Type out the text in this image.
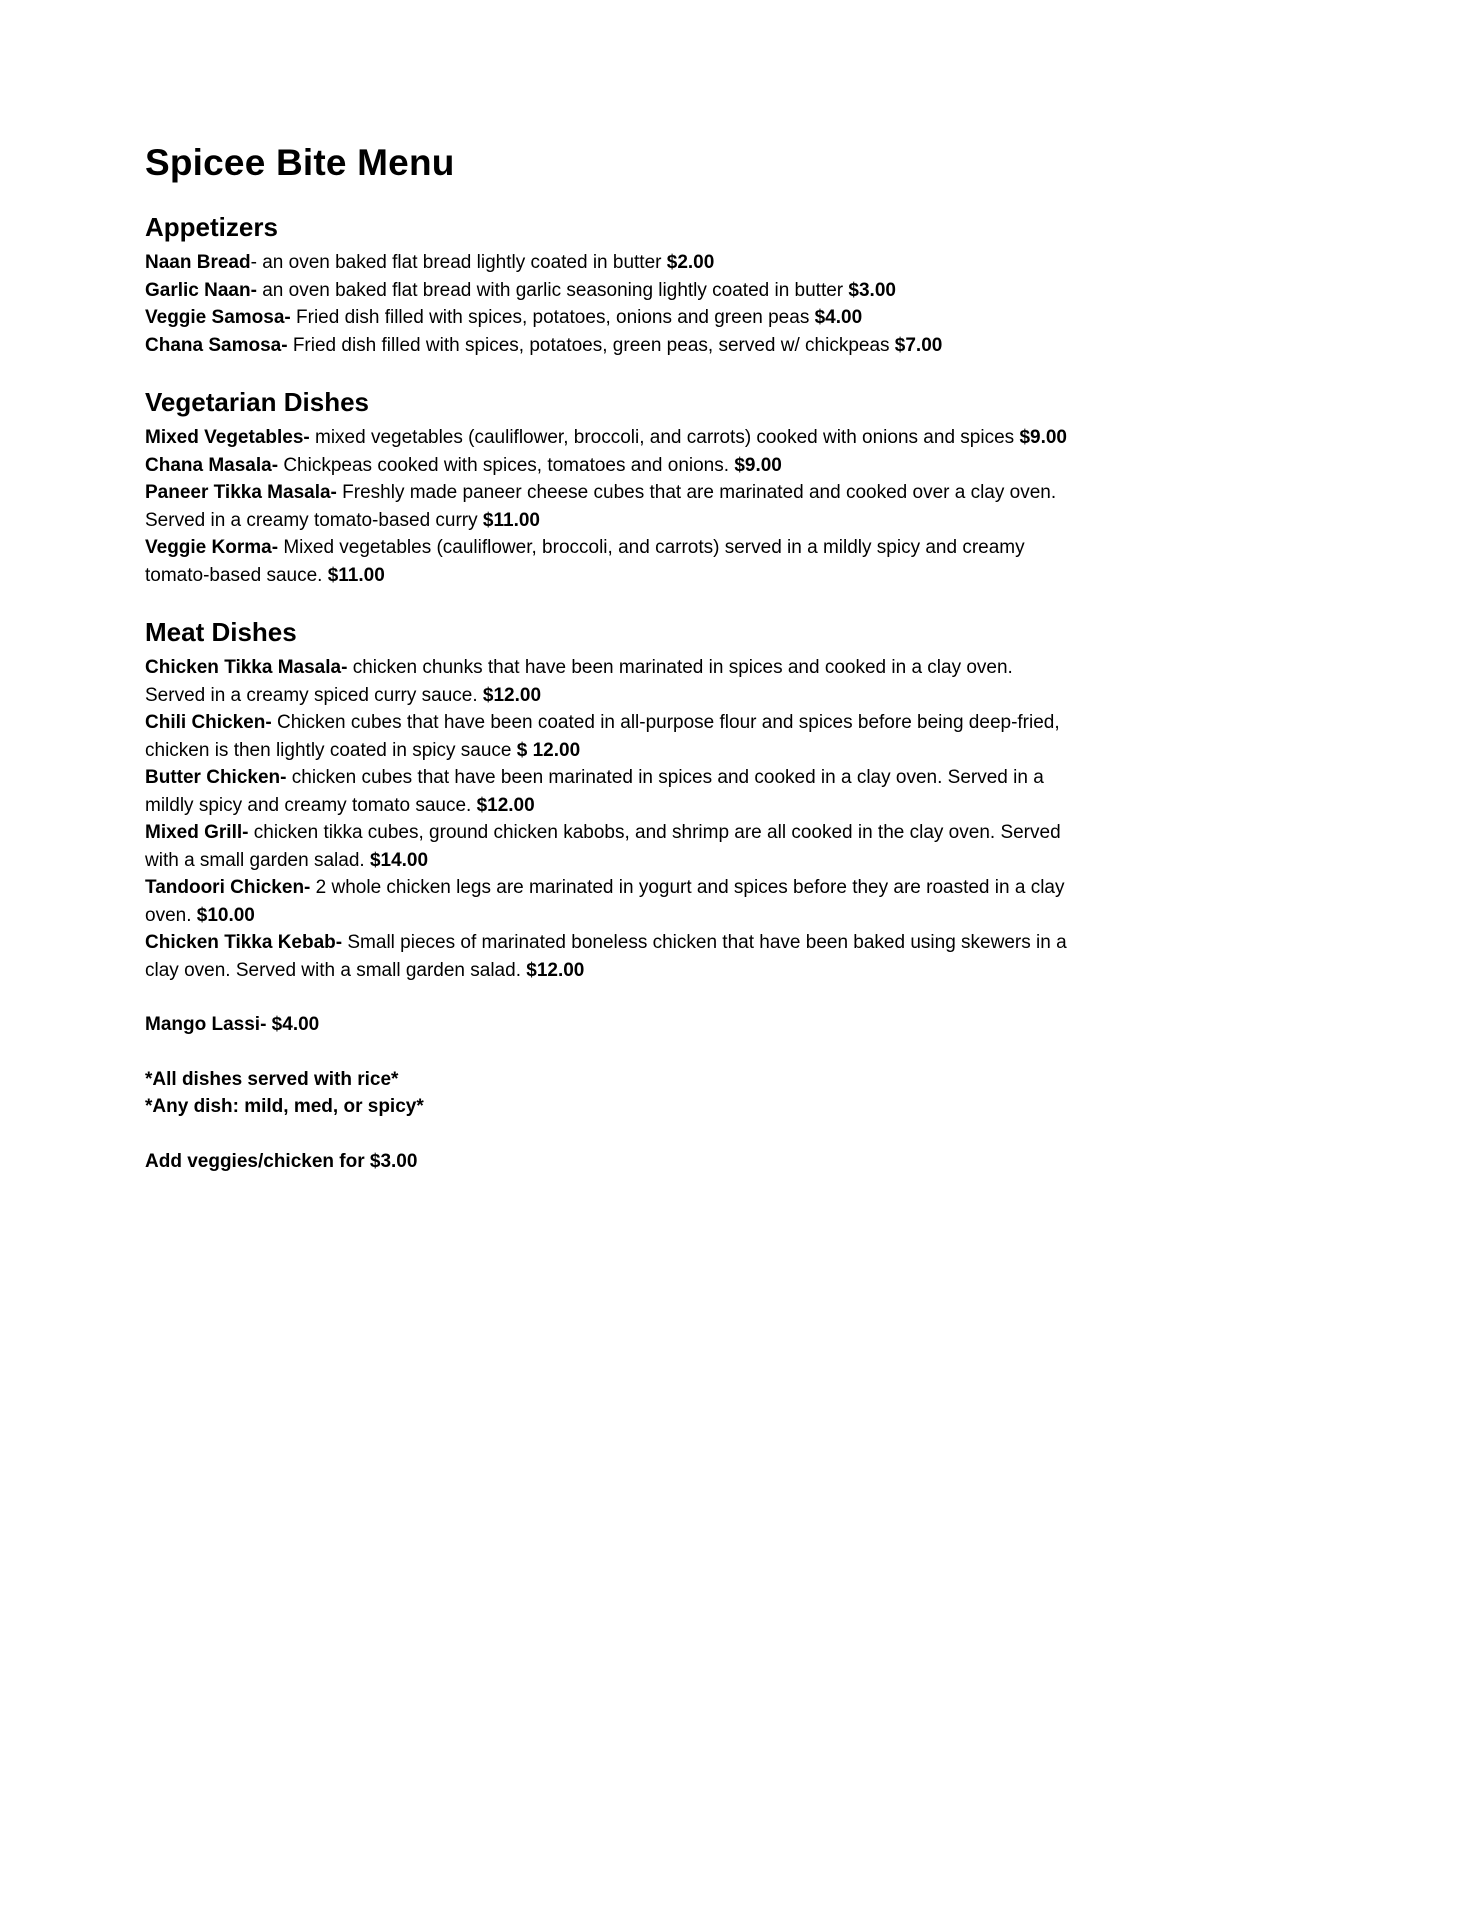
Spicee Bite Menu
Appetizers

Naan Bread- an oven baked flat bread lightly coated in butter $2.00

Garlic Naan- an oven baked flat bread with garlic seasoning lightly coated in butter $3.00

Veggie Samosa- Fried dish filled with spices, potatoes, onions and green peas $4.00

Chana Samosa- Fried dish filled with spices, potatoes, green peas, served w/ chickpeas $7.00

Vegetarian Dishes

Mixed Vegetables- mixed vegetables (cauliflower, broccoli, and carrots) cooked with onions and spices $9.00

Chana Masala- Chickpeas cooked with spices, tomatoes and onions. $9.00

Paneer Tikka Masala- Freshly made paneer cheese cubes that are marinated and cooked over a clay oven. Served in a creamy tomato-based curry $11.00

Veggie Korma- Mixed vegetables (cauliflower, broccoli, and carrots) served in a mildly spicy and creamy tomato-based sauce. $11.00

Meat Dishes

Chicken Tikka Masala- chicken chunks that have been marinated in spices and cooked in a clay oven. Served in a creamy spiced curry sauce. $12.00

Chili Chicken- Chicken cubes that have been coated in all-purpose flour and spices before being deep-fried, chicken is then lightly coated in spicy sauce $ 12.00

Butter Chicken- chicken cubes that have been marinated in spices and cooked in a clay oven. Served in a mildly spicy and creamy tomato sauce. $12.00

Mixed Grill- chicken tikka cubes, ground chicken kabobs, and shrimp are all cooked in the clay oven. Served with a small garden salad. $14.00

Tandoori Chicken- 2 whole chicken legs are marinated in yogurt and spices before they are roasted in a clay oven. $10.00

Chicken Tikka Kebab- Small pieces of marinated boneless chicken that have been baked using skewers in a clay oven. Served with a small garden salad. $12.00

Mango Lassi- $4.00

*All dishes served with rice*

*Any dish: mild, med, or spicy*

Add veggies/chicken for $3.00
